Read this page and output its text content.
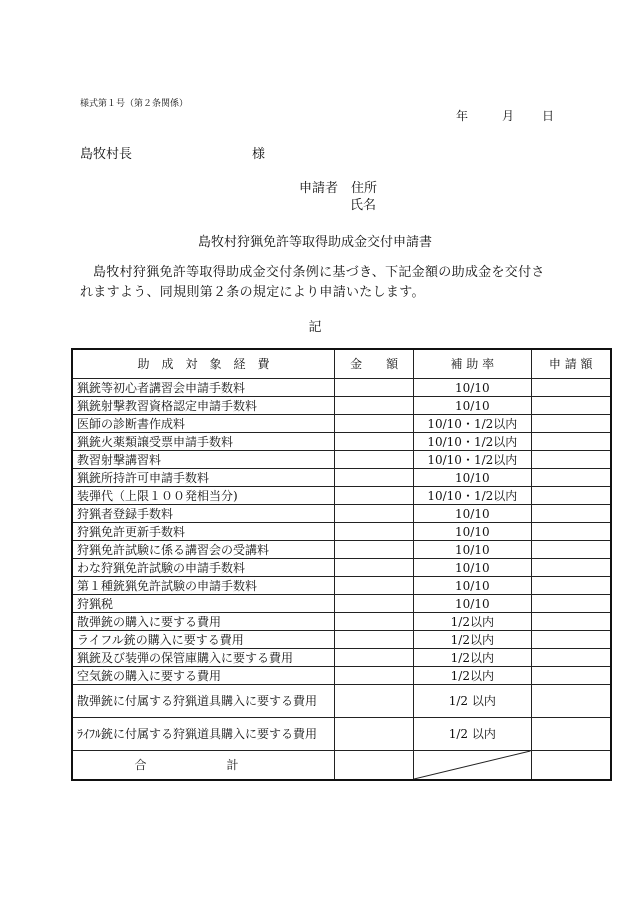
様式第１号（第２条関係）
年	月 日
島牧村長	様
申請者 住所
氏名
島牧村狩猟免許等取得助成金交付申請書
島牧村狩猟免許等取得助成金交付条例に基づき、下記金額の助成金を交付されますよう、同規則第２条の規定により申請いたします。
記
助　成　対　象　経　費	金　　額	補 助 率	申 請 額
猟銃等初心者講習会申請手数料		10/10	
猟銃射撃教習資格認定申請手数料		10/10	
医師の診断書作成料		10/10・1/2以内	
猟銃火薬類譲受票申請手数料		10/10・1/2以内	
教習射撃講習料		10/10・1/2以内	
猟銃所持許可申請手数料		10/10	
装弾代（上限１００発相当分)		10/10・1/2以内	
狩猟者登録手数料		10/10	
狩猟免許更新手数料		10/10	
狩猟免許試験に係る講習会の受講料		10/10	
わな狩猟免許試験の申請手数料		10/10	
第１種銃猟免許試験の申請手数料		10/10	
狩猟税		10/10	
散弾銃の購入に要する費用		1/2以内	
ライフル銃の購入に要する費用		1/2以内	
猟銃及び装弾の保管庫購入に要する費用		1/2以内	
空気銃の購入に要する費用		1/2以内	
散弾銃に付属する狩猟道具購入に要する費用		1/2 以内	
ﾗｲﾌﾙ銃に付属する狩猟道具購入に要する費用		1/2 以内	
合　計		
